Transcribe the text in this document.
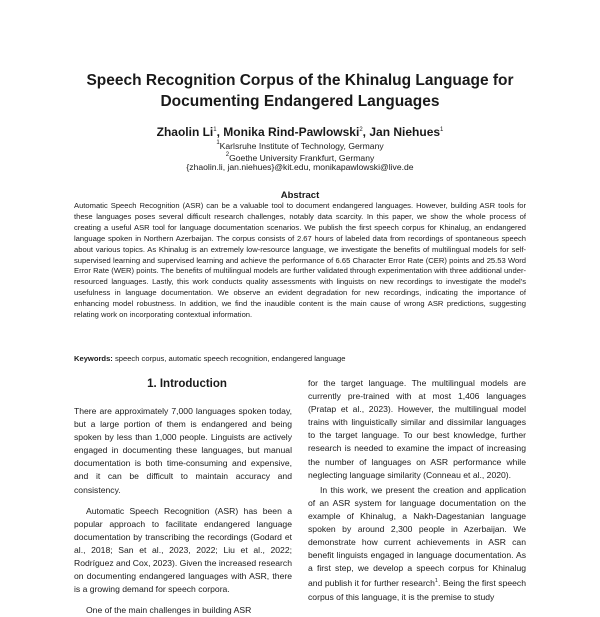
Speech Recognition Corpus of the Khinalug Language for
Documenting Endangered Languages
Zhaolin Li$^1$, Monika Rind-Pawlowski$^2$, Jan Niehues$^1$
$^1$Karlsruhe Institute of Technology, Germany
$^2$Goethe University Frankfurt, Germany
{zhaolin.li, jan.niehues}@kit.edu, monikapawlowski@live.de
Abstract
Automatic Speech Recognition (ASR) can be a valuable tool to document endangered languages. However, building ASR tools for these languages poses several difficult research challenges, notably data scarcity. In this paper, we show the whole process of creating a useful ASR tool for language documentation scenarios. We publish the first speech corpus for Khinalug, an endangered language spoken in Northern Azerbaijan. The corpus consists of 2.67 hours of labeled data from recordings of spontaneous speech about various topics. As Khinalug is an extremely low-resource language, we investigate the benefits of multilingual models for self-supervised learning and supervised learning and achieve the performance of 6.65 Character Error Rate (CER) points and 25.53 Word Error Rate (WER) points. The benefits of multilingual models are further validated through experimentation with three additional under-resourced languages. Lastly, this work conducts quality assessments with linguists on new recordings to investigate the model's usefulness in language documentation. We observe an evident degradation for new recordings, indicating the importance of enhancing model robustness. In addition, we find the inaudible content is the main cause of wrong ASR predictions, suggesting relating work on incorporating contextual information.
Keywords: speech corpus, automatic speech recognition, endangered language
1. Introduction

There are approximately 7,000 languages spoken today, but a large portion of them is endangered and being spoken by less than 1,000 people. Linguists are actively engaged in documenting these languages, but manual documentation is both time-consuming and expensive, and it can be difficult to maintain accuracy and consistency.

Automatic Speech Recognition (ASR) has been a popular approach to facilitate endangered language documentation by transcribing the recordings (Godard et al., 2018; San et al., 2023, 2022; Liu et al., 2022; Rodríguez and Cox, 2023). Given the increased research on documenting endangered languages with ASR, there is a growing demand for speech corpora.

One of the main challenges in building ASR

for the target language. The multilingual models are currently pre-trained with at most 1,406 languages (Pratap et al., 2023). However, the multilingual model trains with linguistically similar and dissimilar languages to the target language. To our best knowledge, further research is needed to examine the impact of increasing the number of languages on ASR performance while neglecting language similarity (Conneau et al., 2020).

In this work, we present the creation and application of an ASR system for language documentation on the example of Khinalug, a Nakh-Dagestanian language spoken by around 2,300 people in Azerbaijan. We demonstrate how current achievements in ASR can benefit linguists engaged in language documentation. As a first step, we develop a speech corpus for Khinalug and publish it for further research$^1$. Being the first speech corpus of this language, it is the premise to study
